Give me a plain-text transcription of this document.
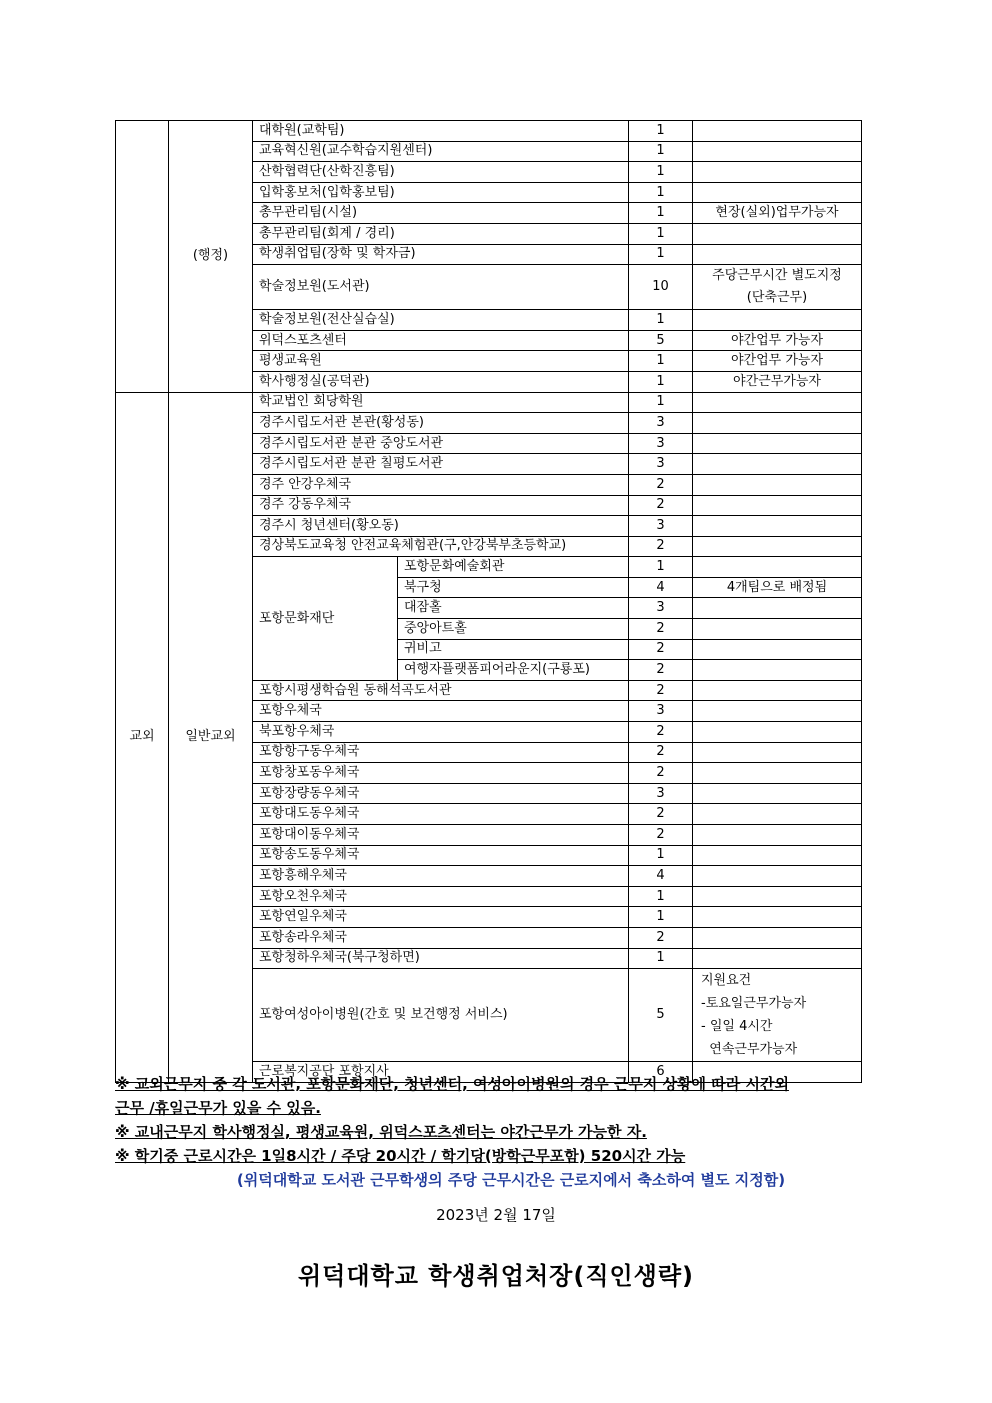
	(행정)	대학원(교학팀)		1	
		교육혁신원(교수학습지원센터)		1	
		산학협력단(산학진흥팀)		1	
		입학홍보처(입학홍보팀)		1	
		총무관리팀(시설)		1	현장(실외)업무가능자
		총무관리팀(회계 / 경리)		1	
		학생취업팀(장학 및 학자금)		1	
		학술정보원(도서관)		10	주당근무시간 별도지정
(단축근무)

		학술정보원(전산실습실)		1	
		위덕스포츠센터		5	야간업무 가능자
		평생교육원		1	야간업무 가능자
		학사행정실(공덕관)		1	야간근무가능자
교외	일반교외	학교법인 회당학원		1	
		경주시립도서관 본관(황성동)		3	
		경주시립도서관 분관 중앙도서관		3	
		경주시립도서관 분관 칠평도서관		3	
		경주 안강우체국		2	
		경주 강동우체국		2	
		경주시 청년센터(황오동)		3	
		경상북도교육청 안전교육체험관(구,안강북부초등학교)		2	
		포항문화재단	포항문화예술회관	1	
			북구청	4	4개팀으로 배정됨
			대잠홀	3	
			중앙아트홀	2	
			귀비고	2	
			여행자플랫폼피어라운지(구룡포)	2	
		포항시평생학습원 동해석곡도서관		2	
		포항우체국		3	
		북포항우체국		2	
		포항항구동우체국		2	
		포항창포동우체국		2	
		포항장량동우체국		3	
		포항대도동우체국		2	
		포항대이동우체국		2	
		포항송도동우체국		1	
		포항흥해우체국		4	
		포항오천우체국		1	
		포항연일우체국		1	
		포항송라우체국		2	
		포항청하우체국(북구청하면)		1	
		포항여성아이병원(간호 및 보건행정 서비스)		5	지원요건
-토요일근무가능자
- 일일 4시간
연속근무가능자

		근로복지공단 포항지사		6	

※ 교외근무지 중 각 도서관, 포항문화재단, 청년센터, 여성아이병원의 경우 근무지 상황에 따라 시간외

근무 /휴일근무가 있을 수 있음.

※ 교내근무지 학사행정실, 평생교육원, 위덕스포츠센터는 야간근무가 가능한 자.

※ 학기중 근로시간은 1일8시간 / 주당 20시간 / 학기당(방학근무포함) 520시간 가능

(위덕대학교 도서관 근무학생의 주당 근무시간은 근로지에서 축소하여 별도 지정함)

2023년 2월 17일
위덕대학교 학생취업처장(직인생략)
